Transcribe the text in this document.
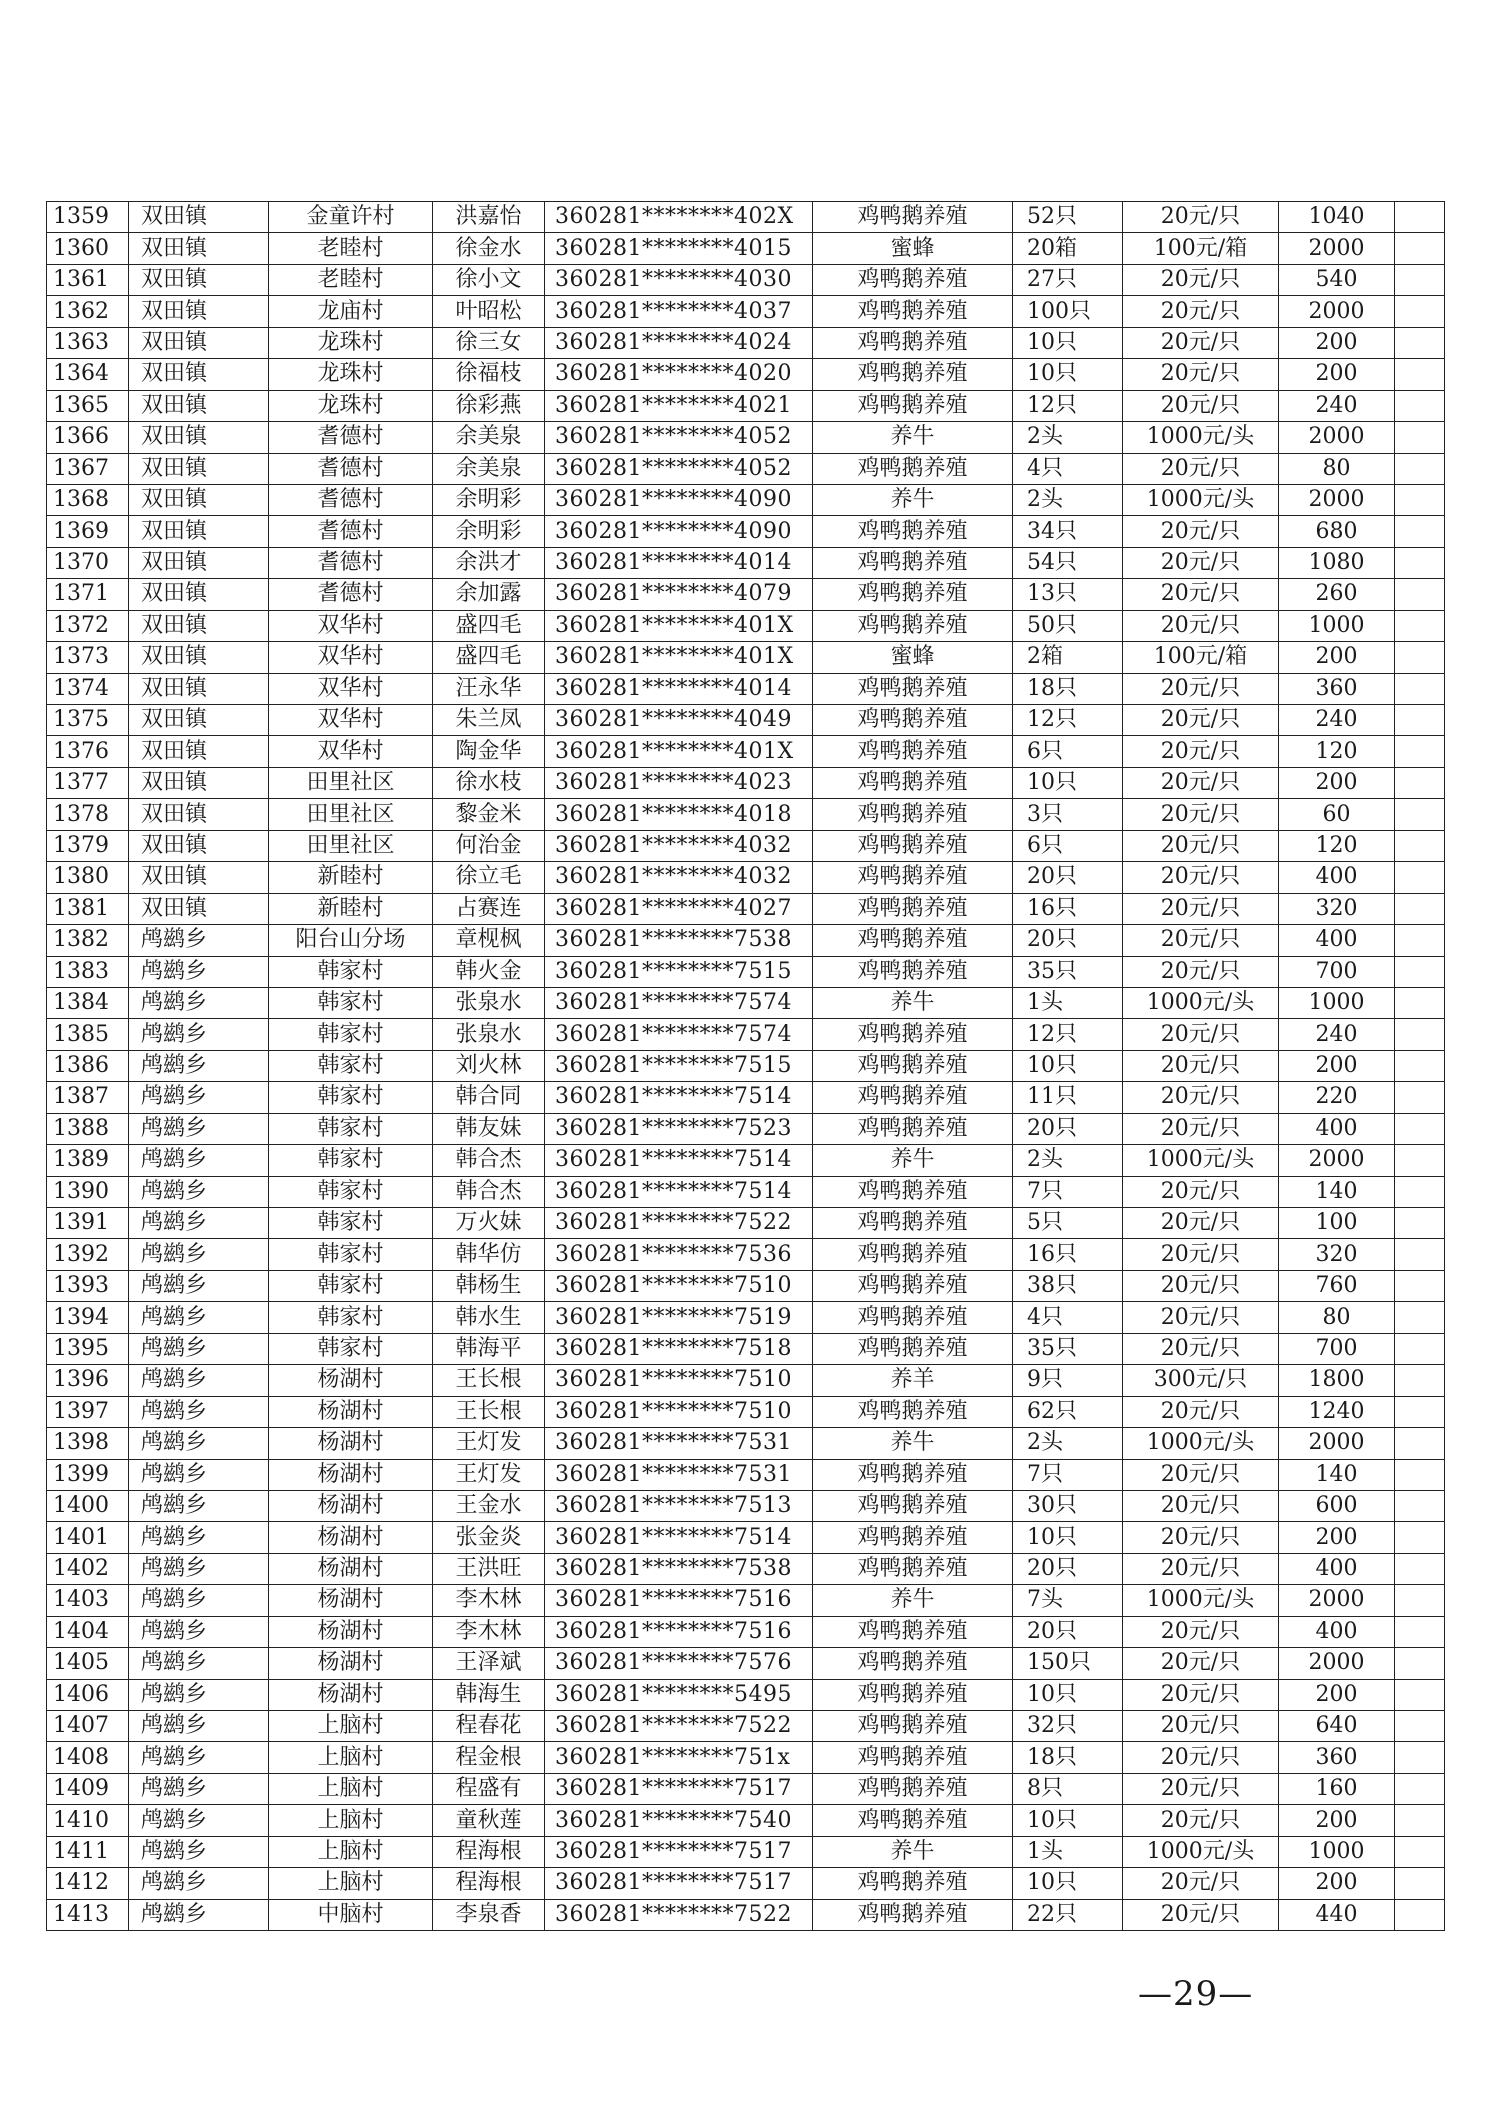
1359	双田镇	金童许村	洪嘉怡	360281********402X	鸡鸭鹅养殖	52只	20元/只	1040	
1360	双田镇	老睦村	徐金水	360281********4015	蜜蜂	20箱	100元/箱	2000	
1361	双田镇	老睦村	徐小文	360281********4030	鸡鸭鹅养殖	27只	20元/只	540	
1362	双田镇	龙庙村	叶昭松	360281********4037	鸡鸭鹅养殖	100只	20元/只	2000	
1363	双田镇	龙珠村	徐三女	360281********4024	鸡鸭鹅养殖	10只	20元/只	200	
1364	双田镇	龙珠村	徐福枝	360281********4020	鸡鸭鹅养殖	10只	20元/只	200	
1365	双田镇	龙珠村	徐彩燕	360281********4021	鸡鸭鹅养殖	12只	20元/只	240	
1366	双田镇	耆德村	余美泉	360281********4052	养牛	2头	1000元/头	2000	
1367	双田镇	耆德村	余美泉	360281********4052	鸡鸭鹅养殖	4只	20元/只	80	
1368	双田镇	耆德村	余明彩	360281********4090	养牛	2头	1000元/头	2000	
1369	双田镇	耆德村	余明彩	360281********4090	鸡鸭鹅养殖	34只	20元/只	680	
1370	双田镇	耆德村	余洪才	360281********4014	鸡鸭鹅养殖	54只	20元/只	1080	
1371	双田镇	耆德村	余加露	360281********4079	鸡鸭鹅养殖	13只	20元/只	260	
1372	双田镇	双华村	盛四毛	360281********401X	鸡鸭鹅养殖	50只	20元/只	1000	
1373	双田镇	双华村	盛四毛	360281********401X	蜜蜂	2箱	100元/箱	200	
1374	双田镇	双华村	汪永华	360281********4014	鸡鸭鹅养殖	18只	20元/只	360	
1375	双田镇	双华村	朱兰凤	360281********4049	鸡鸭鹅养殖	12只	20元/只	240	
1376	双田镇	双华村	陶金华	360281********401X	鸡鸭鹅养殖	6只	20元/只	120	
1377	双田镇	田里社区	徐水枝	360281********4023	鸡鸭鹅养殖	10只	20元/只	200	
1378	双田镇	田里社区	黎金米	360281********4018	鸡鸭鹅养殖	3只	20元/只	60	
1379	双田镇	田里社区	何治金	360281********4032	鸡鸭鹅养殖	6只	20元/只	120	
1380	双田镇	新睦村	徐立毛	360281********4032	鸡鸭鹅养殖	20只	20元/只	400	
1381	双田镇	新睦村	占赛连	360281********4027	鸡鸭鹅养殖	16只	20元/只	320	
1382	鸬鹚乡	阳台山分场	章枧枫	360281********7538	鸡鸭鹅养殖	20只	20元/只	400	
1383	鸬鹚乡	韩家村	韩火金	360281********7515	鸡鸭鹅养殖	35只	20元/只	700	
1384	鸬鹚乡	韩家村	张泉水	360281********7574	养牛	1头	1000元/头	1000	
1385	鸬鹚乡	韩家村	张泉水	360281********7574	鸡鸭鹅养殖	12只	20元/只	240	
1386	鸬鹚乡	韩家村	刘火林	360281********7515	鸡鸭鹅养殖	10只	20元/只	200	
1387	鸬鹚乡	韩家村	韩合同	360281********7514	鸡鸭鹅养殖	11只	20元/只	220	
1388	鸬鹚乡	韩家村	韩友妹	360281********7523	鸡鸭鹅养殖	20只	20元/只	400	
1389	鸬鹚乡	韩家村	韩合杰	360281********7514	养牛	2头	1000元/头	2000	
1390	鸬鹚乡	韩家村	韩合杰	360281********7514	鸡鸭鹅养殖	7只	20元/只	140	
1391	鸬鹚乡	韩家村	万火妹	360281********7522	鸡鸭鹅养殖	5只	20元/只	100	
1392	鸬鹚乡	韩家村	韩华仿	360281********7536	鸡鸭鹅养殖	16只	20元/只	320	
1393	鸬鹚乡	韩家村	韩杨生	360281********7510	鸡鸭鹅养殖	38只	20元/只	760	
1394	鸬鹚乡	韩家村	韩水生	360281********7519	鸡鸭鹅养殖	4只	20元/只	80	
1395	鸬鹚乡	韩家村	韩海平	360281********7518	鸡鸭鹅养殖	35只	20元/只	700	
1396	鸬鹚乡	杨湖村	王长根	360281********7510	养羊	9只	300元/只	1800	
1397	鸬鹚乡	杨湖村	王长根	360281********7510	鸡鸭鹅养殖	62只	20元/只	1240	
1398	鸬鹚乡	杨湖村	王灯发	360281********7531	养牛	2头	1000元/头	2000	
1399	鸬鹚乡	杨湖村	王灯发	360281********7531	鸡鸭鹅养殖	7只	20元/只	140	
1400	鸬鹚乡	杨湖村	王金水	360281********7513	鸡鸭鹅养殖	30只	20元/只	600	
1401	鸬鹚乡	杨湖村	张金炎	360281********7514	鸡鸭鹅养殖	10只	20元/只	200	
1402	鸬鹚乡	杨湖村	王洪旺	360281********7538	鸡鸭鹅养殖	20只	20元/只	400	
1403	鸬鹚乡	杨湖村	李木林	360281********7516	养牛	7头	1000元/头	2000	
1404	鸬鹚乡	杨湖村	李木林	360281********7516	鸡鸭鹅养殖	20只	20元/只	400	
1405	鸬鹚乡	杨湖村	王泽斌	360281********7576	鸡鸭鹅养殖	150只	20元/只	2000	
1406	鸬鹚乡	杨湖村	韩海生	360281********5495	鸡鸭鹅养殖	10只	20元/只	200	
1407	鸬鹚乡	上脑村	程春花	360281********7522	鸡鸭鹅养殖	32只	20元/只	640	
1408	鸬鹚乡	上脑村	程金根	360281********751x	鸡鸭鹅养殖	18只	20元/只	360	
1409	鸬鹚乡	上脑村	程盛有	360281********7517	鸡鸭鹅养殖	8只	20元/只	160	
1410	鸬鹚乡	上脑村	童秋莲	360281********7540	鸡鸭鹅养殖	10只	20元/只	200	
1411	鸬鹚乡	上脑村	程海根	360281********7517	养牛	1头	1000元/头	1000	
1412	鸬鹚乡	上脑村	程海根	360281********7517	鸡鸭鹅养殖	10只	20元/只	200	
1413	鸬鹚乡	中脑村	李泉香	360281********7522	鸡鸭鹅养殖	22只	20元/只	440	
—29—
